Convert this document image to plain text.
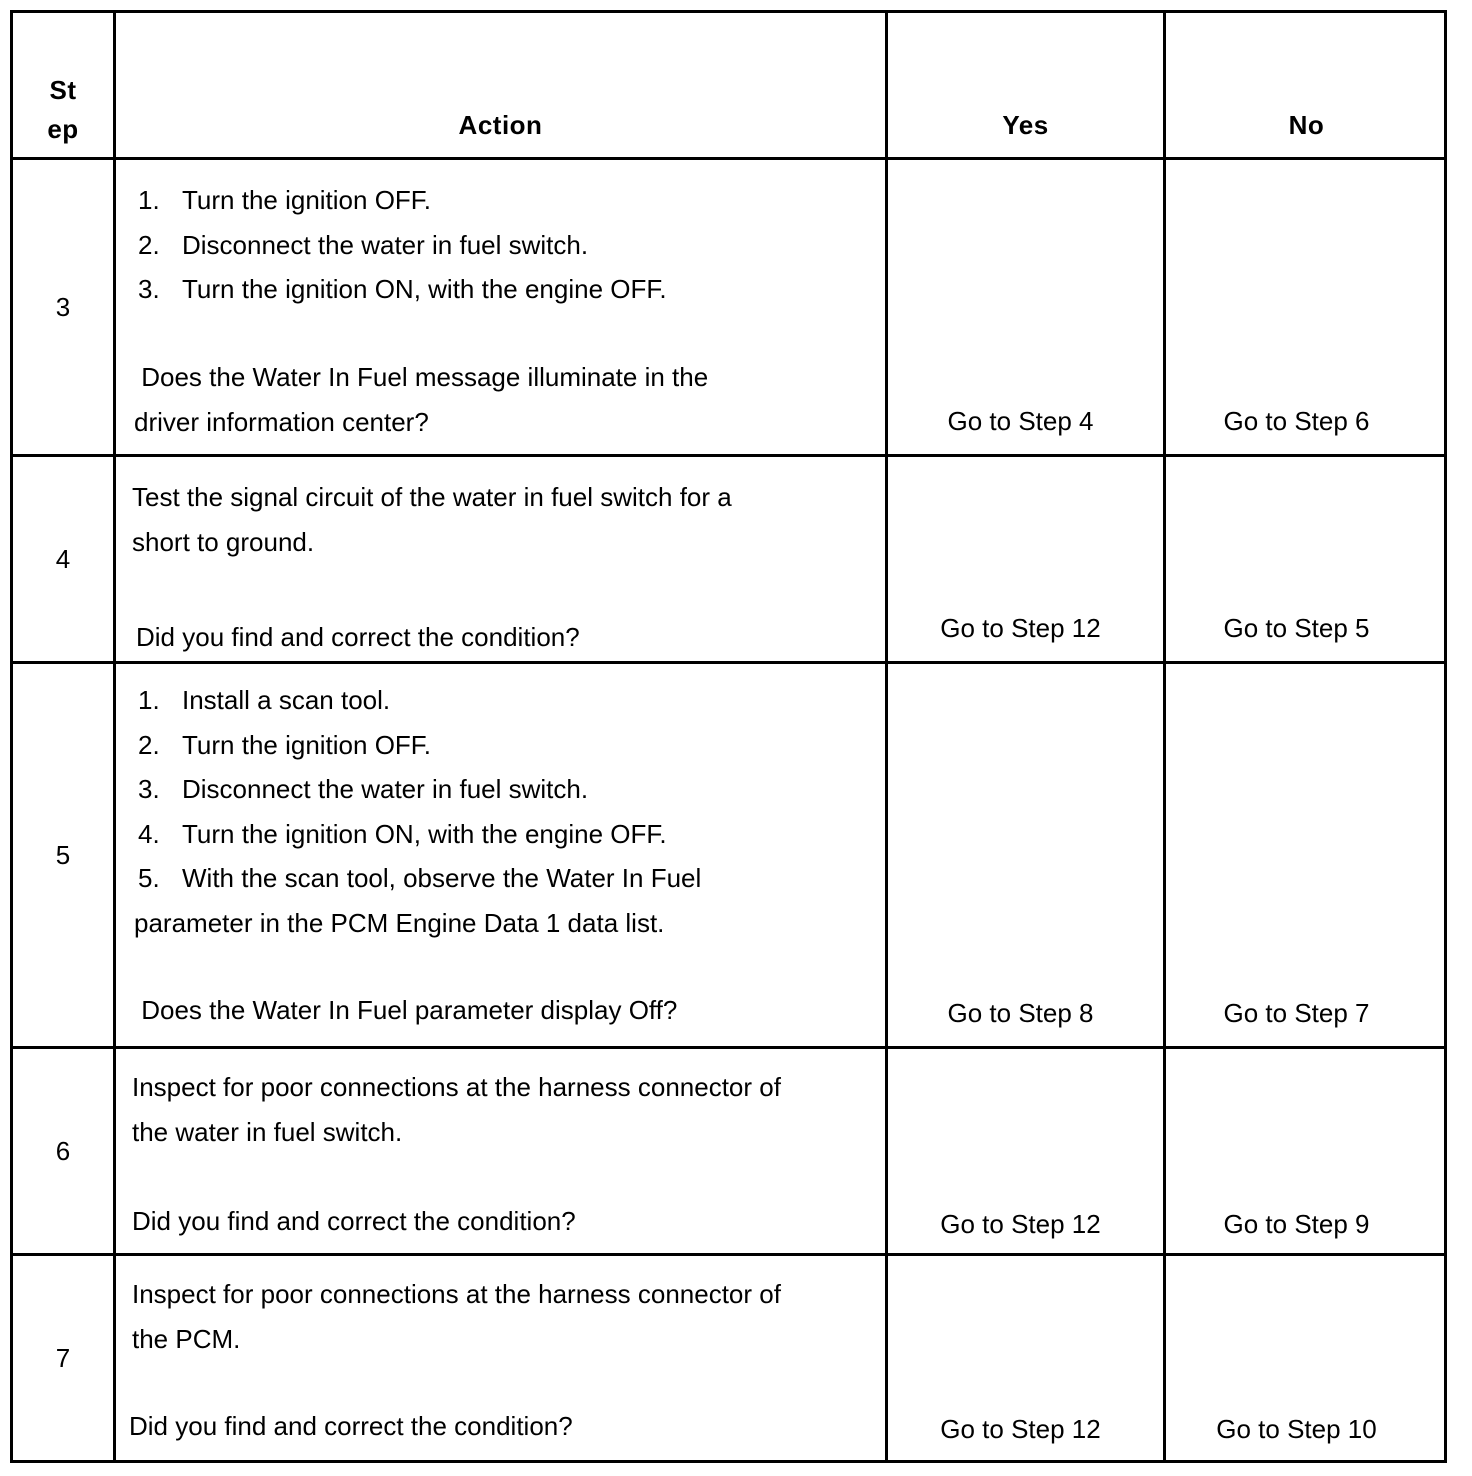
St
ep	Action	Yes	No
3
1. Turn the ignition OFF.
2. Disconnect the water in fuel switch.
3. Turn the ignition ON, with the engine OFF.
Does the Water In Fuel message illuminate in the
driver information center?	Go to Step 4	Go to Step 6
4
Test the signal circuit of the water in fuel switch for a
short to ground.
Did you find and correct the condition?	Go to Step 12	Go to Step 5
5
1. Install a scan tool.
2. Turn the ignition OFF.
3. Disconnect the water in fuel switch.
4. Turn the ignition ON, with the engine OFF.
5. With the scan tool, observe the Water In Fuel
parameter in the PCM Engine Data 1 data list.
Does the Water In Fuel parameter display Off?	Go to Step 8	Go to Step 7
6
Inspect for poor connections at the harness connector of
the water in fuel switch.
Did you find and correct the condition?	Go to Step 12	Go to Step 9
7
Inspect for poor connections at the harness connector of
the PCM.
Did you find and correct the condition?	Go to Step 12	Go to Step 10
